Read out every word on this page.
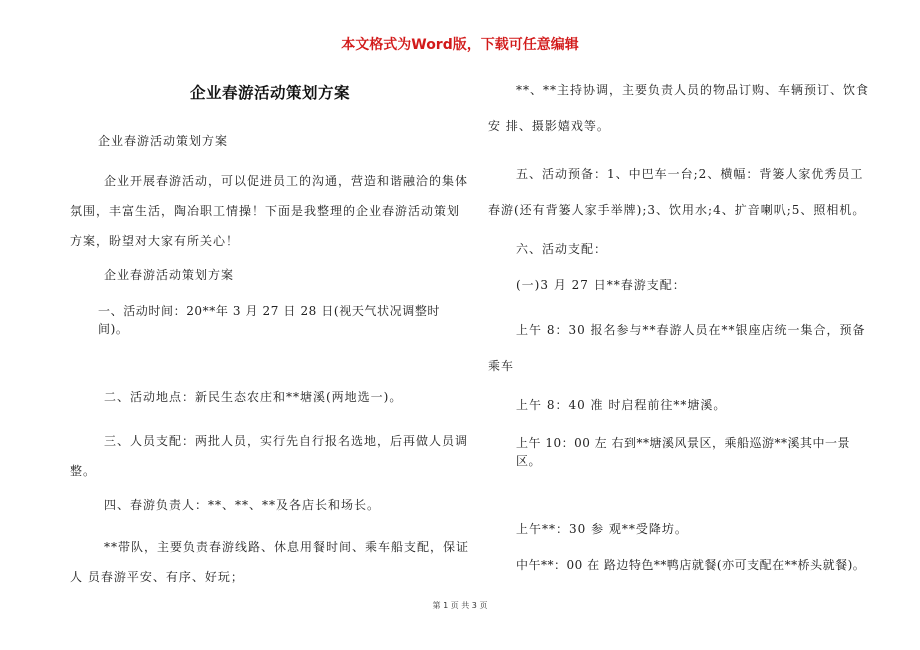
本文格式为Word版，下载可任意编辑
企业春游活动策划方案

企业春游活动策划方案

企业开展春游活动，可以促进员工的沟通，营造和谐融洽的集体氛围，丰富生活，陶冶职工情操！下面是我整理的企业春游活动策划方案，盼望对大家有所关心！

企业春游活动策划方案

一、活动时间：20**年 3 月 27 日 28 日(视天气状况调整时间)。

二、活动地点：新民生态农庄和**塘溪(两地选一)。

三、人员支配：两批人员，实行先自行报名选地，后再做人员调整。

四、春游负责人：**、**、**及各店长和场长。

**带队，主要负责春游线路、休息用餐时间、乘车船支配，保证人 员春游平安、有序、好玩；

**、**主持协调，主要负责人员的物品订购、车辆预订、饮食安 排、摄影嬉戏等。

五、活动预备：1、中巴车一台;2、横幅：背篓人家优秀员工春游(还有背篓人家手举牌);3、饮用水;4、扩音喇叭;5、照相机。

六、活动支配：

(一)3 月 27 日**春游支配：

上午 8：30 报名参与**春游人员在**银座店统一集合，预备乘车

上午 8：40 准 时启程前往**塘溪。

上午 10：00 左 右到**塘溪风景区，乘船巡游**溪其中一景区。

上午**：30 参 观**受降坊。

中午**：00 在 路边特色**鸭店就餐(亦可支配在**桥头就餐)。

第 1 页 共 3 页
